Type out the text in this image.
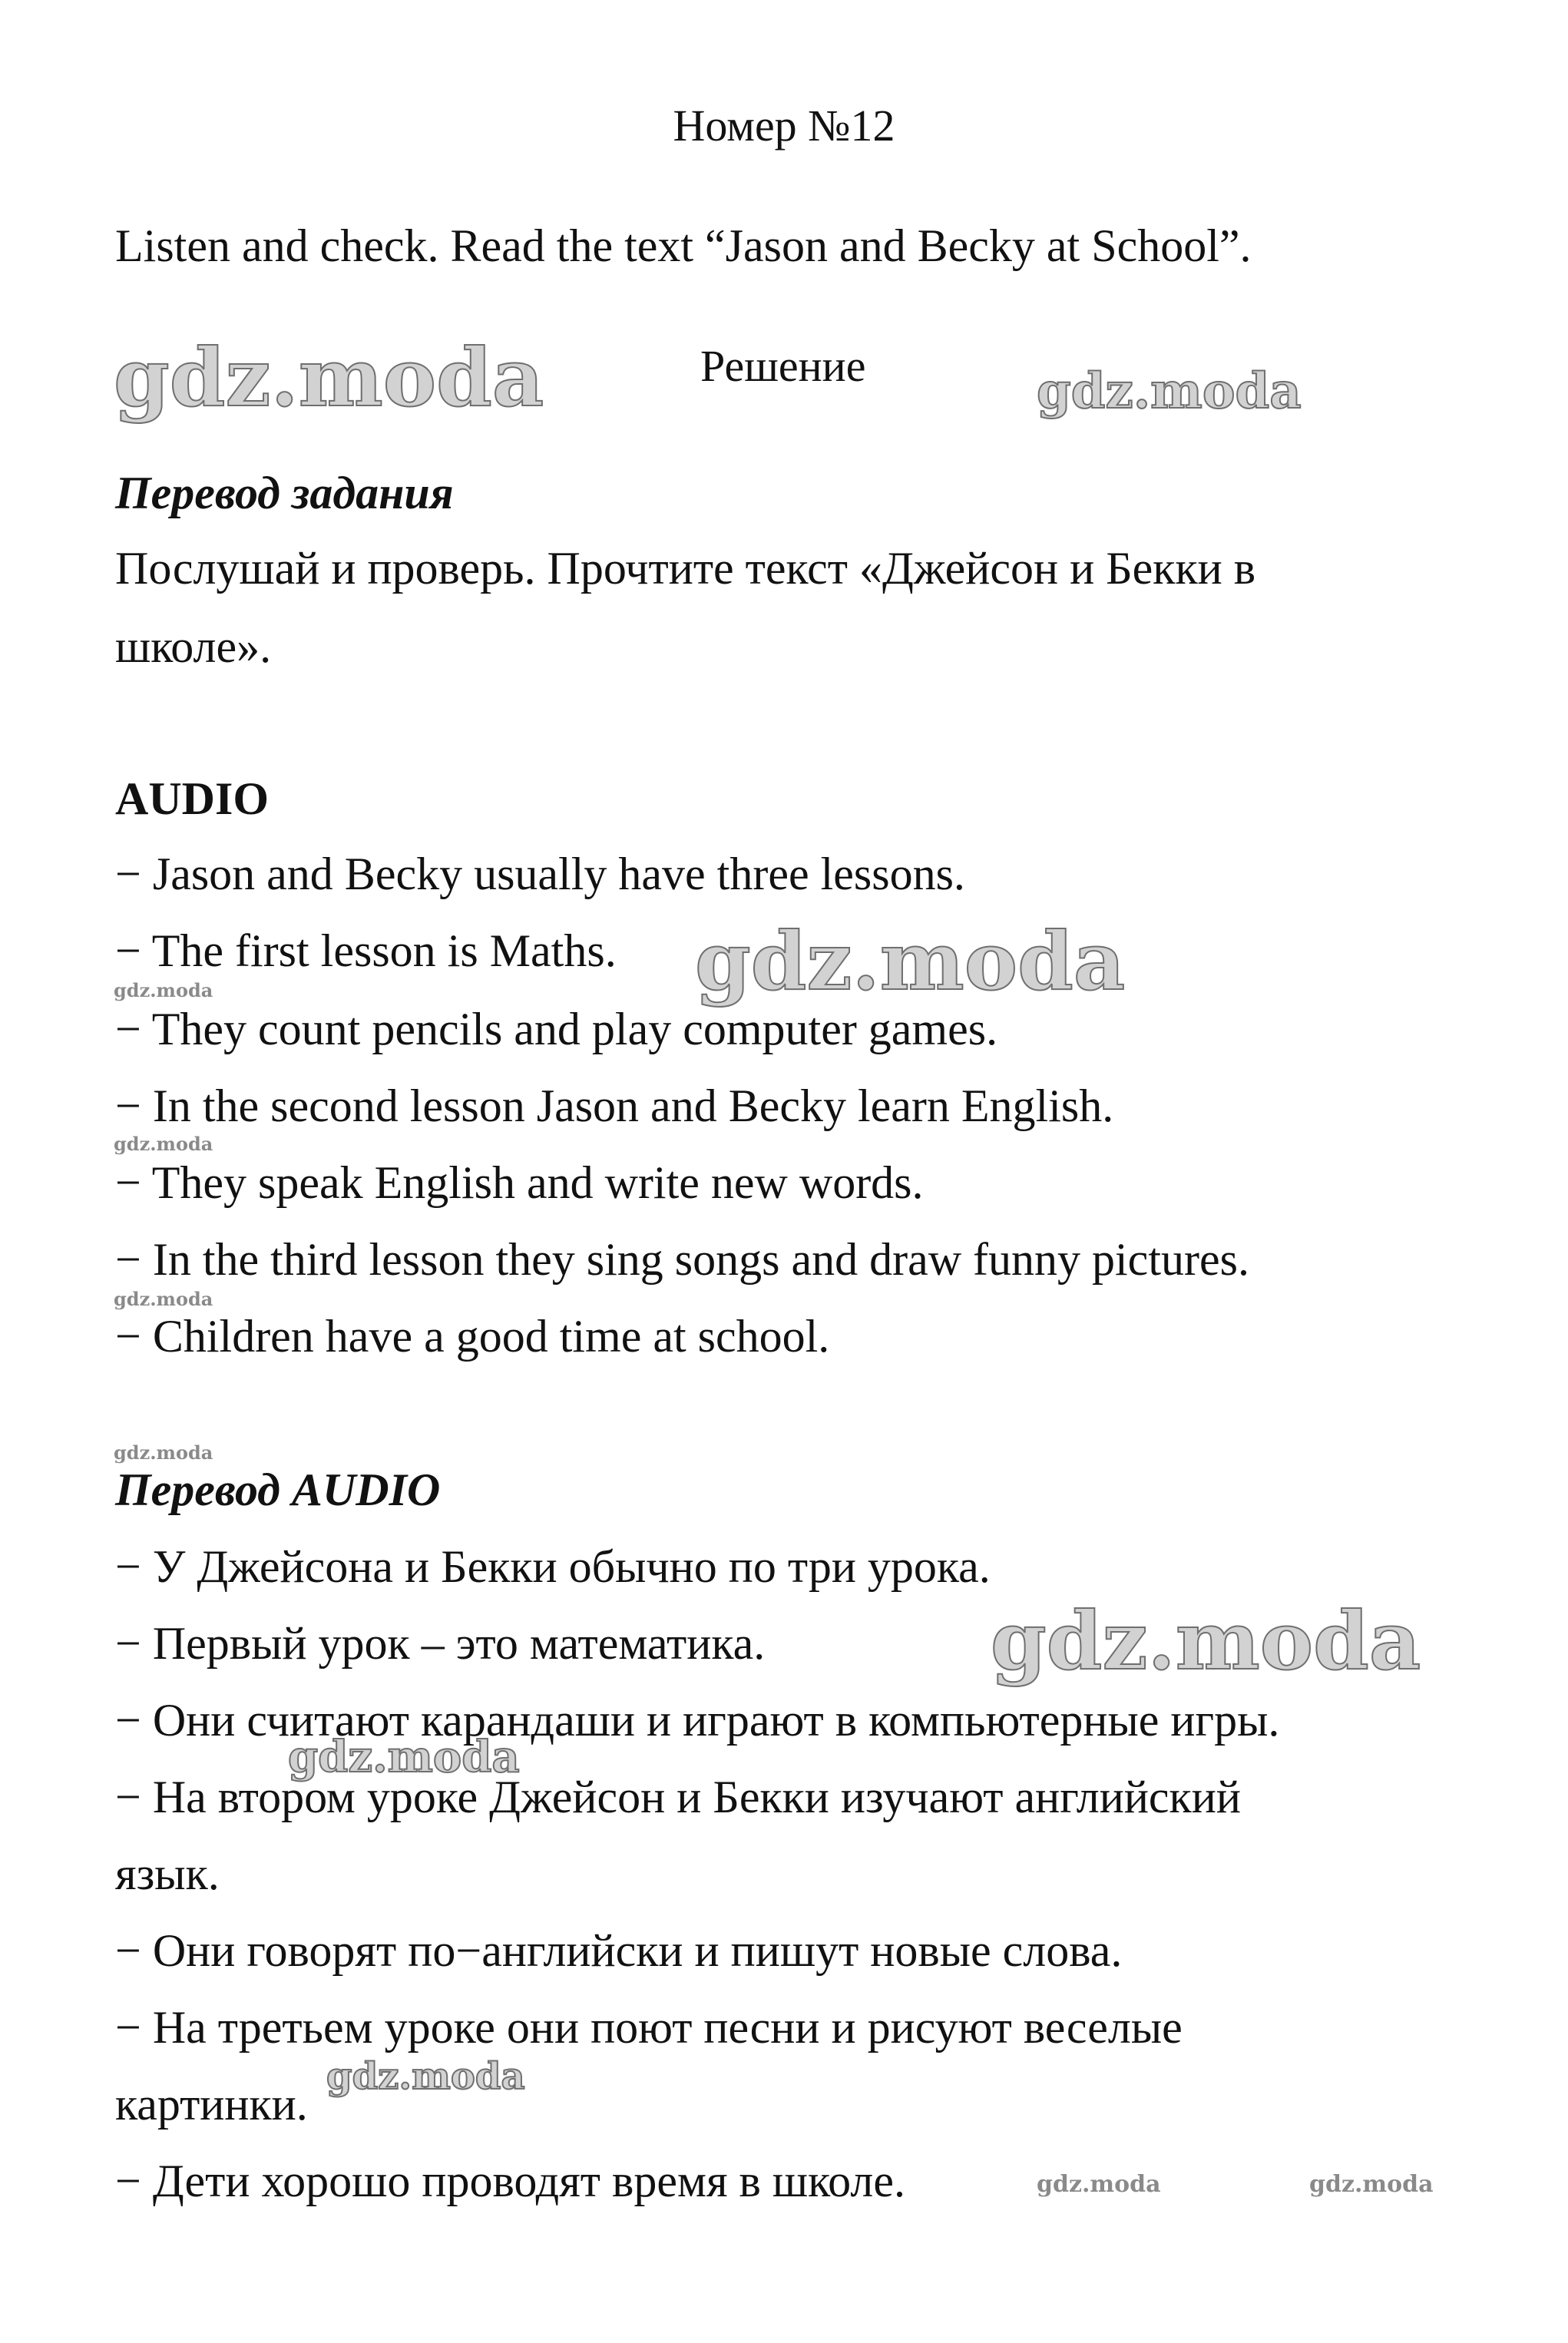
Номер №12
Listen and check. Read the text “Jason and Becky at School”.
Решение
Перевод задания
Послушай и проверь. Прочтите текст «Джейсон и Бекки в
школе».
AUDIO
− Jason and Becky usually have three lessons.
− The first lesson is Maths.
− They count pencils and play computer games.
− In the second lesson Jason and Becky learn English.
− They speak English and write new words.
− In the third lesson they sing songs and draw funny pictures.
− Children have a good time at school.
Перевод AUDIO
− У Джейсона и Бекки обычно по три урока.
− Первый урок – это математика.
− Они считают карандаши и играют в компьютерные игры.
− На втором уроке Джейсон и Бекки изучают английский
язык.
− Они говорят по−английски и пишут новые слова.
− На третьем уроке они поют песни и рисуют веселые
картинки.
− Дети хорошо проводят время в школе.
gdz.moda	gdz.moda
gdz.moda
gdz.moda
gdz.moda
gdz.moda
gdz.moda
gdz.moda
gdz.moda
gdz.moda
gdz.moda	gdz.moda
